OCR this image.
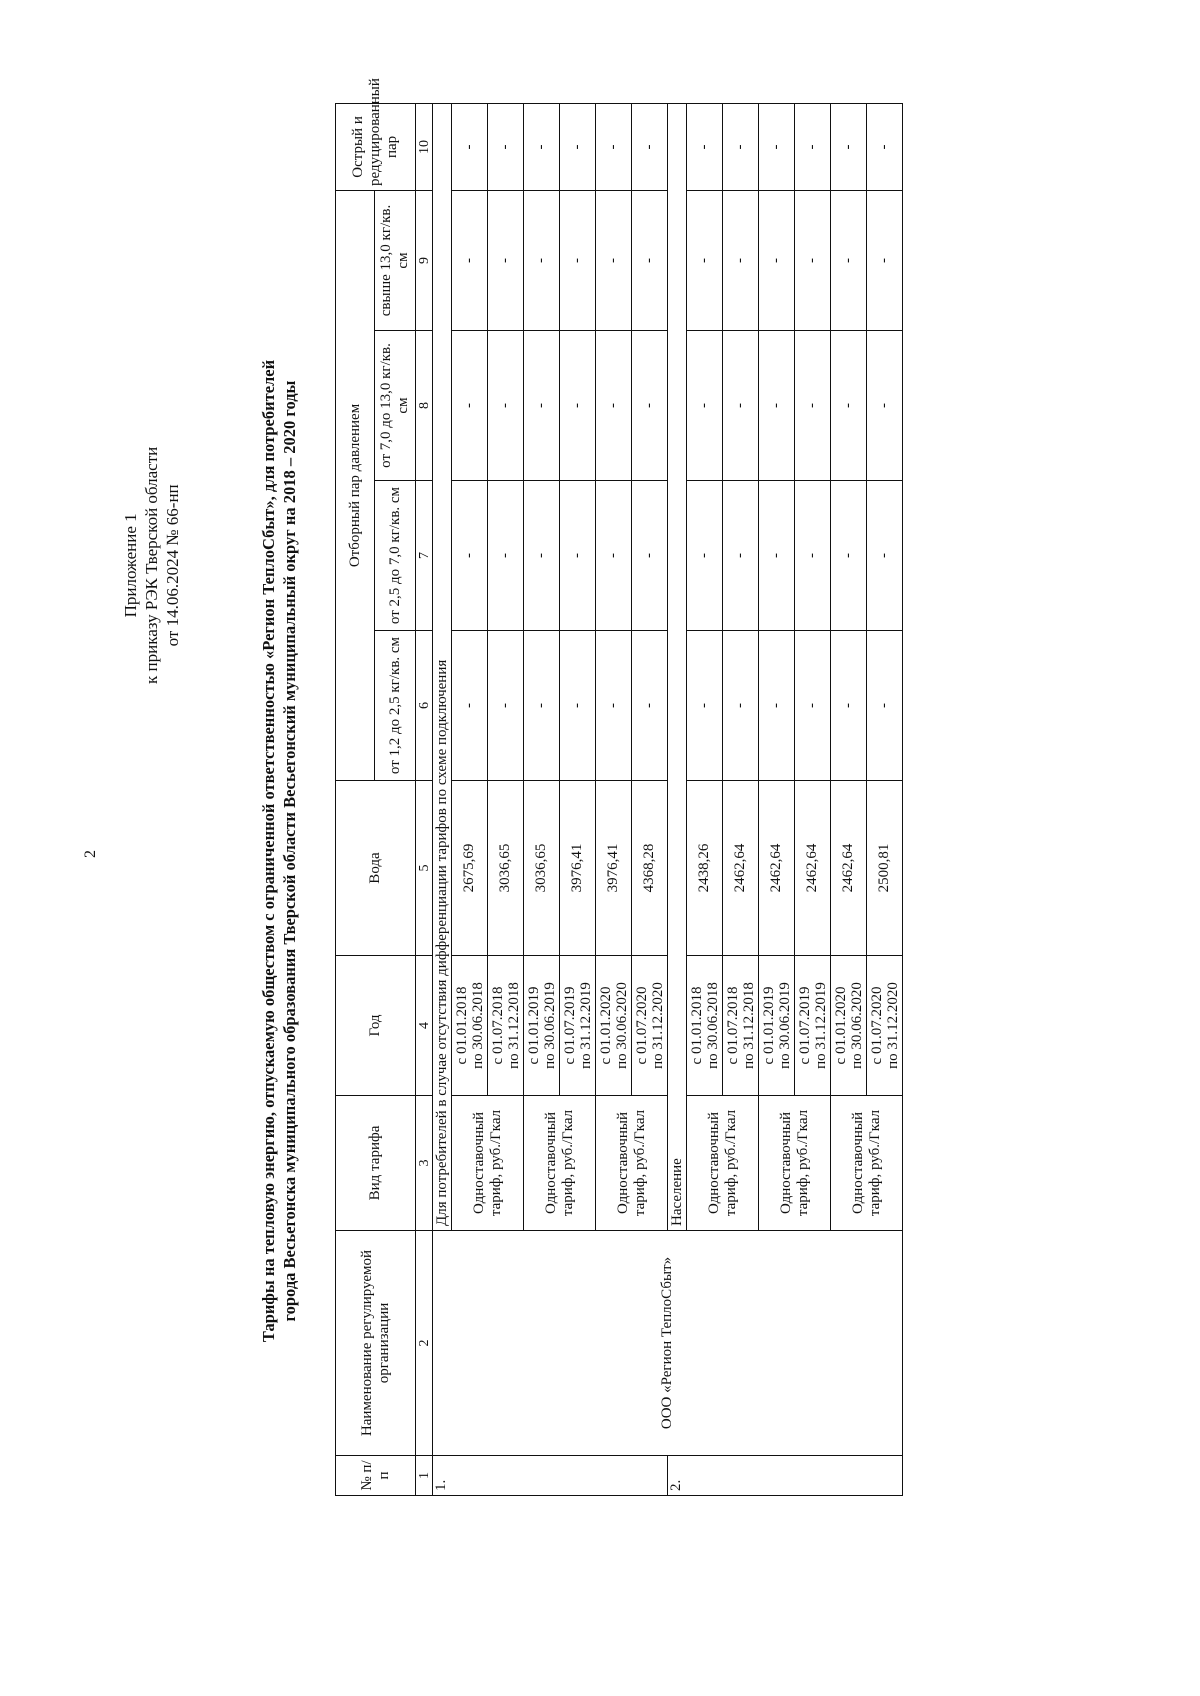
2
Приложение 1 к приказу РЭК Тверской области от 14.06.2024 № 66-нп	Тарифы на тепловую энергию, отпускаемую обществом с ограниченной ответственностью «Регион ТеплоСбыт», для потребителей города Весьегонска муниципального образования Тверской области Весьегонский муниципальный округ на 2018 – 2020 годы
№ п/п	Наименование регулируемой организации	Вид тарифа	Год	Вода	Отборный пар давлением				Острый и редуцированный пар
					от 1,2 до 2,5 кг/кв. см	от 2,5 до 7,0 кг/кв. см	от 7,0 до 13,0 кг/кв. см	свыше 13,0 кг/кв. см	
1	2	3	4	5	6	7	8	9	10
1.	ООО «Регион ТеплоСбыт»	Для потребителей в случае отсутствия дифференциации тарифов по схеме подключения							
		Одноставочный тариф, руб./Гкал	с 01.01.2018 по 30.06.2018	2675,69	-	-	-	-	-

			с 01.07.2018 по 31.12.2018	3036,65	-	-	-	-	-
		Одноставочный тариф, руб./Гкал	с 01.01.2019 по 30.06.2019	3036,65	-	-	-	-	-

			с 01.07.2019 по 31.12.2019	3976,41	-	-	-	-	-
		Одноставочный тариф, руб./Гкал	с 01.01.2020 по 30.06.2020	3976,41	-	-	-	-	-

			с 01.07.2020 по 31.12.2020	4368,28	-	-	-	-	-
2.		Население							
		Одноставочный тариф, руб./Гкал	с 01.01.2018 по 30.06.2018	2438,26	-	-	-	-	-

			с 01.07.2018 по 31.12.2018	2462,64	-	-	-	-	-
		Одноставочный тариф, руб./Гкал	с 01.01.2019 по 30.06.2019	2462,64	-	-	-	-	-

			с 01.07.2019 по 31.12.2019	2462,64	-	-	-	-	-
		Одноставочный тариф, руб./Гкал	с 01.01.2020 по 30.06.2020	2462,64	-	-	-	-	-

			с 01.07.2020 по 31.12.2020	2500,81	-	-	-	-	-
